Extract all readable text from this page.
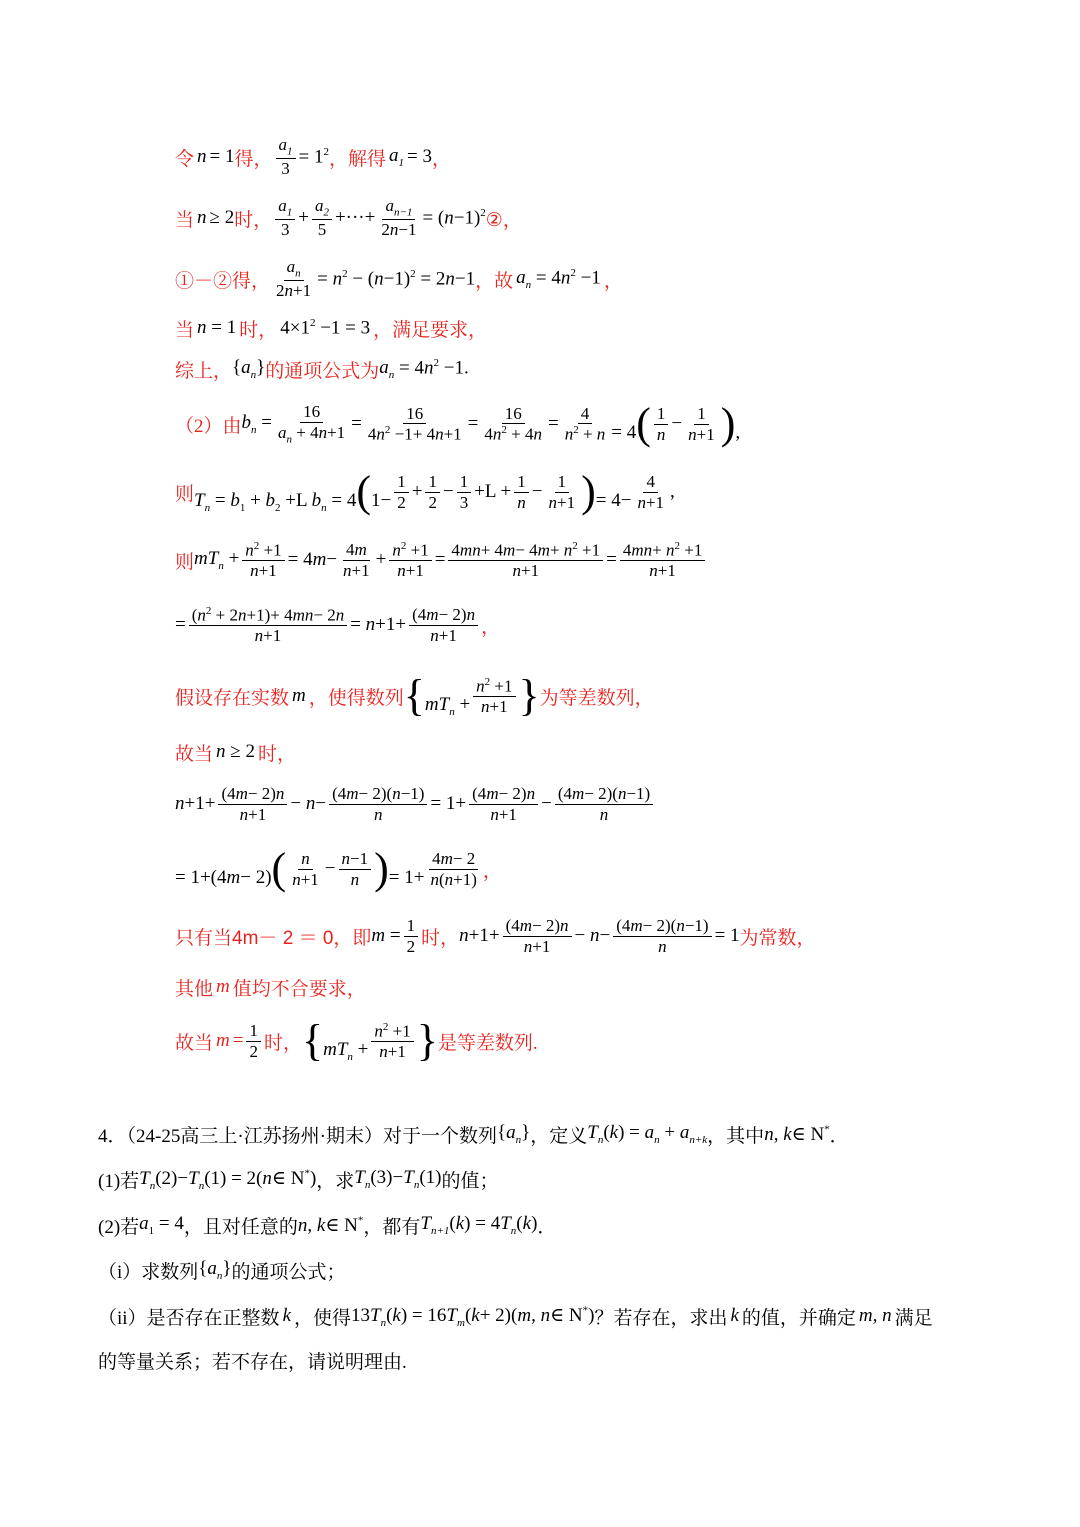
令 n = 1 得， $\frac{a_1}{3} = 1^2$ ，解得 $a_1 = 3$ ，
当 n ≥ 2 时， $\frac{a_1}{3} + \frac{a_2}{5}$ +···+ $\frac{a_{n-1}}{2n-1} = (n-1)^2$ ②，
①－②得， $\frac{a_n}{2n+1} = n^2 - (n-1)^2 = 2n-1$ ，故 $a_n = 4n^2 -1$ ，
当 n = 1 时， $4\times 1^2 -1 = 3$ ，满足要求，
综上， $\{a_n\}$ 的通项公式为 $a_n = 4n^2 -1$.
（2）由 $b_n = \frac{16}{a_n + 4n+1} = \frac{16}{4n^2 -1+ 4n+1} = \frac{16}{4n^2 + 4n} = \frac{4}{n^2 + n} = 4( \frac{1}{n} - \frac{1}{n+1}$ ),
则 $T_n = b_1 + b_2 +L$ $b_n = 4(1- \frac{1}{2} + \frac{1}{2} - \frac{1}{3} +L + \frac{1}{n} - \frac{1}{n+1}$ )= $4- \frac{4}{n+1}$ ,
则 $mT_n + \frac{n^2 +1}{n+1} = 4m- \frac{4m}{n+1} + \frac{n^2 +1}{n+1} = \frac{4mn+ 4m- 4m+ n^2 +1}{n+1} = \frac{4mn+ n^2 +1}{n+1}$
= $\frac{(n^2 + 2n+1)+ 4mn- 2n}{n+1} = n+1+ \frac{(4m- 2)n}{n+1}$ ，
假设存在实数 m ，使得数列 {$mT_n + \frac{n^2 +1}{n+1}$ } 为等差数列，
故当 n ≥ 2 时，
$n+1+ \frac{(4m- 2)n}{n+1} - n- \frac{(4m- 2)(n-1)}{n} = 1+ \frac{(4m- 2)n}{n+1} - \frac{(4m- 2)(n-1)}{n}$
= $1+(4m- 2)( \frac{n}{n+1} - \frac{n-1}{n}$ )= $1+ \frac{4m- 2}{n(n+1)}$ ，
只有当 4m－ 2 ＝ 0 ，即 $m = \frac{1}{2}$ 时， $n+1+ \frac{(4m- 2)n}{n+1} - n- \frac{(4m- 2)(n-1)}{n} = 1$ 为常数，
其他 m 值均不合要求，
故当 $m = \frac{1}{2}$ 时， {$mT_n + \frac{n^2 +1}{n+1}$ } 是等差数列.
4．（24-25高三上·江苏扬州·期末）对于一个数列 $\{a_n\}$ ，定义 $T_n(k) = a_n + a_{n+k}$ ，其中 n, k∈ N* ．
(1)若 $T_n(2)-T_n(1)$ = 2(n∈ N*) ，求 $T_n(3)-T_n(1)$ 的值；
(2)若 $a_1 = 4$ ，且对任意的 n, k∈ N* ，都有 $T_{n+1}(k) = 4T_n(k)$ ．
（i）求数列 $\{a_n\}$ 的通项公式；
（ii）是否存在正整数 k ，使得 $13T_n(k) = 16T_m(k+ 2)(m$, n∈ N*) ？若存在，求出 k 的值，并确定 m, n 满足
的等量关系；若不存在，请说明理由.
